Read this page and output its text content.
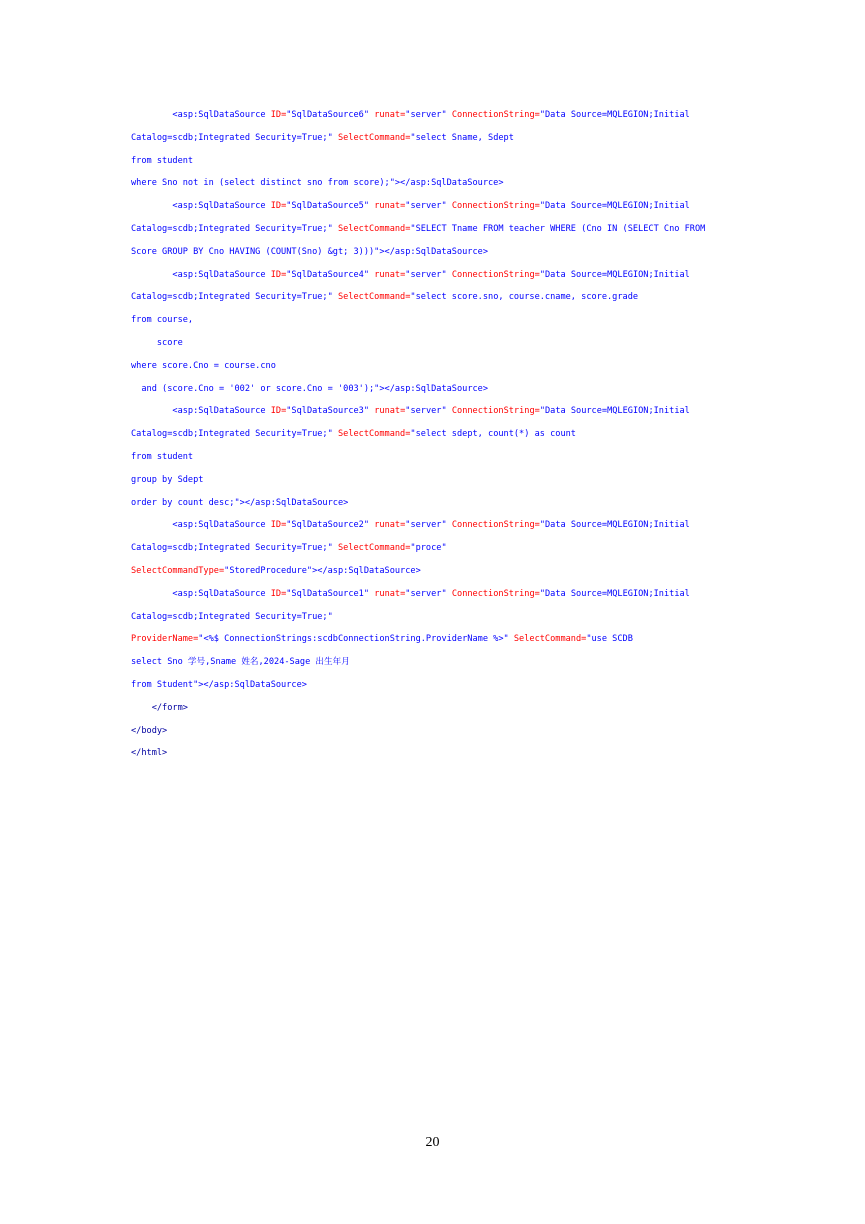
<asp:SqlDataSource ID="SqlDataSource6" runat="server" ConnectionString="Data Source=MQLEGION;Initial
Catalog=scdb;Integrated Security=True;" SelectCommand="select Sname, Sdept
from student
where Sno not in (select distinct sno from score);"></asp:SqlDataSource>
<asp:SqlDataSource ID="SqlDataSource5" runat="server" ConnectionString="Data Source=MQLEGION;Initial
Catalog=scdb;Integrated Security=True;" SelectCommand="SELECT Tname FROM teacher WHERE (Cno IN (SELECT Cno FROM
Score GROUP BY Cno HAVING (COUNT(Sno) &gt; 3)))"></asp:SqlDataSource>
<asp:SqlDataSource ID="SqlDataSource4" runat="server" ConnectionString="Data Source=MQLEGION;Initial
Catalog=scdb;Integrated Security=True;" SelectCommand="select score.sno, course.cname, score.grade
from course,
score
where score.Cno = course.cno
and (score.Cno = '002' or score.Cno = '003');"></asp:SqlDataSource>
<asp:SqlDataSource ID="SqlDataSource3" runat="server" ConnectionString="Data Source=MQLEGION;Initial
Catalog=scdb;Integrated Security=True;" SelectCommand="select sdept, count(*) as count
from student
group by Sdept
order by count desc;"></asp:SqlDataSource>
<asp:SqlDataSource ID="SqlDataSource2" runat="server" ConnectionString="Data Source=MQLEGION;Initial
Catalog=scdb;Integrated Security=True;" SelectCommand="proce"
SelectCommandType="StoredProcedure"></asp:SqlDataSource>
<asp:SqlDataSource ID="SqlDataSource1" runat="server" ConnectionString="Data Source=MQLEGION;Initial
Catalog=scdb;Integrated Security=True;"
ProviderName="<%$ ConnectionStrings:scdbConnectionString.ProviderName %>" SelectCommand="use SCDB
select Sno 学号,Sname 姓名,2024-Sage 出生年月
from Student"></asp:SqlDataSource>
</form>
</body>
</html>
20
